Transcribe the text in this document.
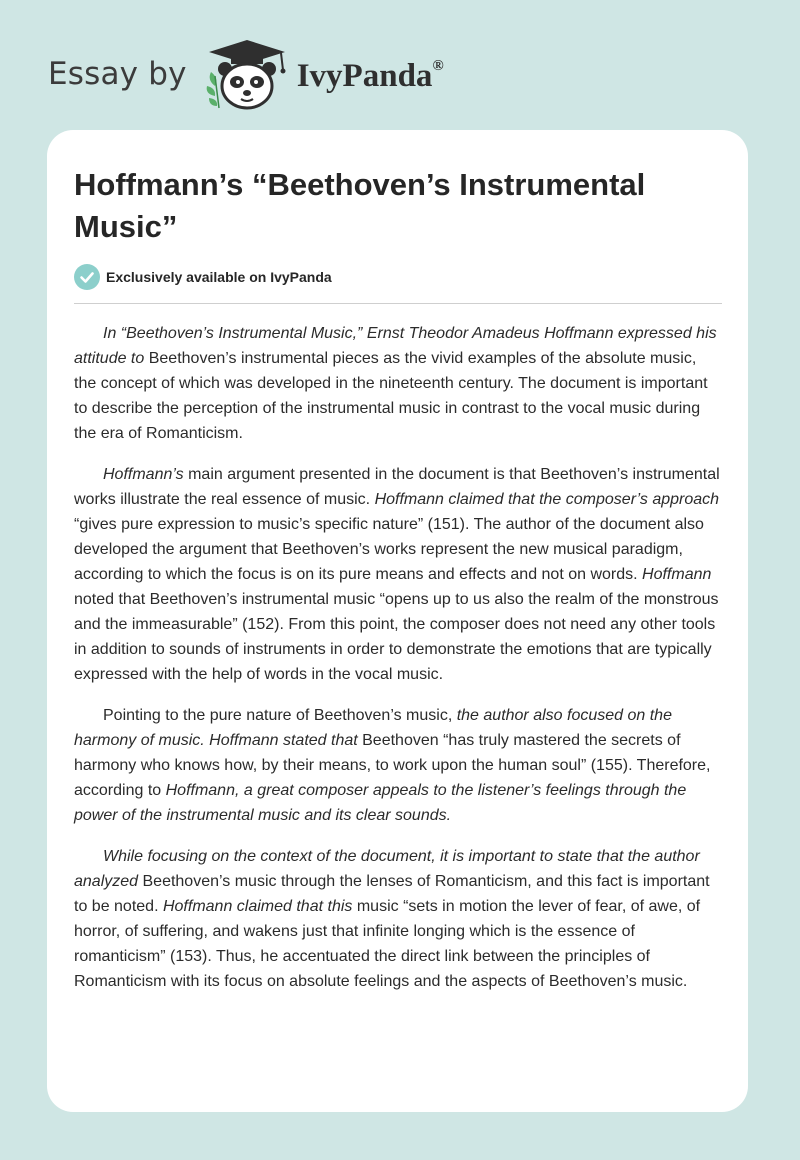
Essay by	IvyPanda®
Hoffmann’s “Beethoven’s Instrumental Music”
Exclusively available on IvyPanda

In “Beethoven’s Instrumental Music,” Ernst Theodor Amadeus Hoffmann expressed his attitude to Beethoven’s instrumental pieces as the vivid examples of the absolute music, the concept of which was developed in the nineteenth century. The document is important to describe the perception of the instrumental music in contrast to the vocal music during the era of Romanticism.

Hoffmann’s main argument presented in the document is that Beethoven’s instrumental works illustrate the real essence of music. Hoffmann claimed that the composer’s approach “gives pure expression to music’s specific nature” (151). The author of the document also developed the argument that Beethoven’s works represent the new musical paradigm, according to which the focus is on its pure means and effects and not on words. Hoffmann noted that Beethoven’s instrumental music “opens up to us also the realm of the monstrous and the immeasurable” (152). From this point, the composer does not need any other tools in addition to sounds of instruments in order to demonstrate the emotions that are typically expressed with the help of words in the vocal music.

Pointing to the pure nature of Beethoven’s music, the author also focused on the harmony of music. Hoffmann stated that Beethoven “has truly mastered the secrets of harmony who knows how, by their means, to work upon the human soul” (155). Therefore, according to Hoffmann, a great composer appeals to the listener’s feelings through the power of the instrumental music and its clear sounds.

While focusing on the context of the document, it is important to state that the author analyzed Beethoven’s music through the lenses of Romanticism, and this fact is important to be noted. Hoffmann claimed that this music “sets in motion the lever of fear, of awe, of horror, of suffering, and wakens just that infinite longing which is the essence of romanticism” (153). Thus, he accentuated the direct link between the principles of Romanticism with its focus on absolute feelings and the aspects of Beethoven’s music.
